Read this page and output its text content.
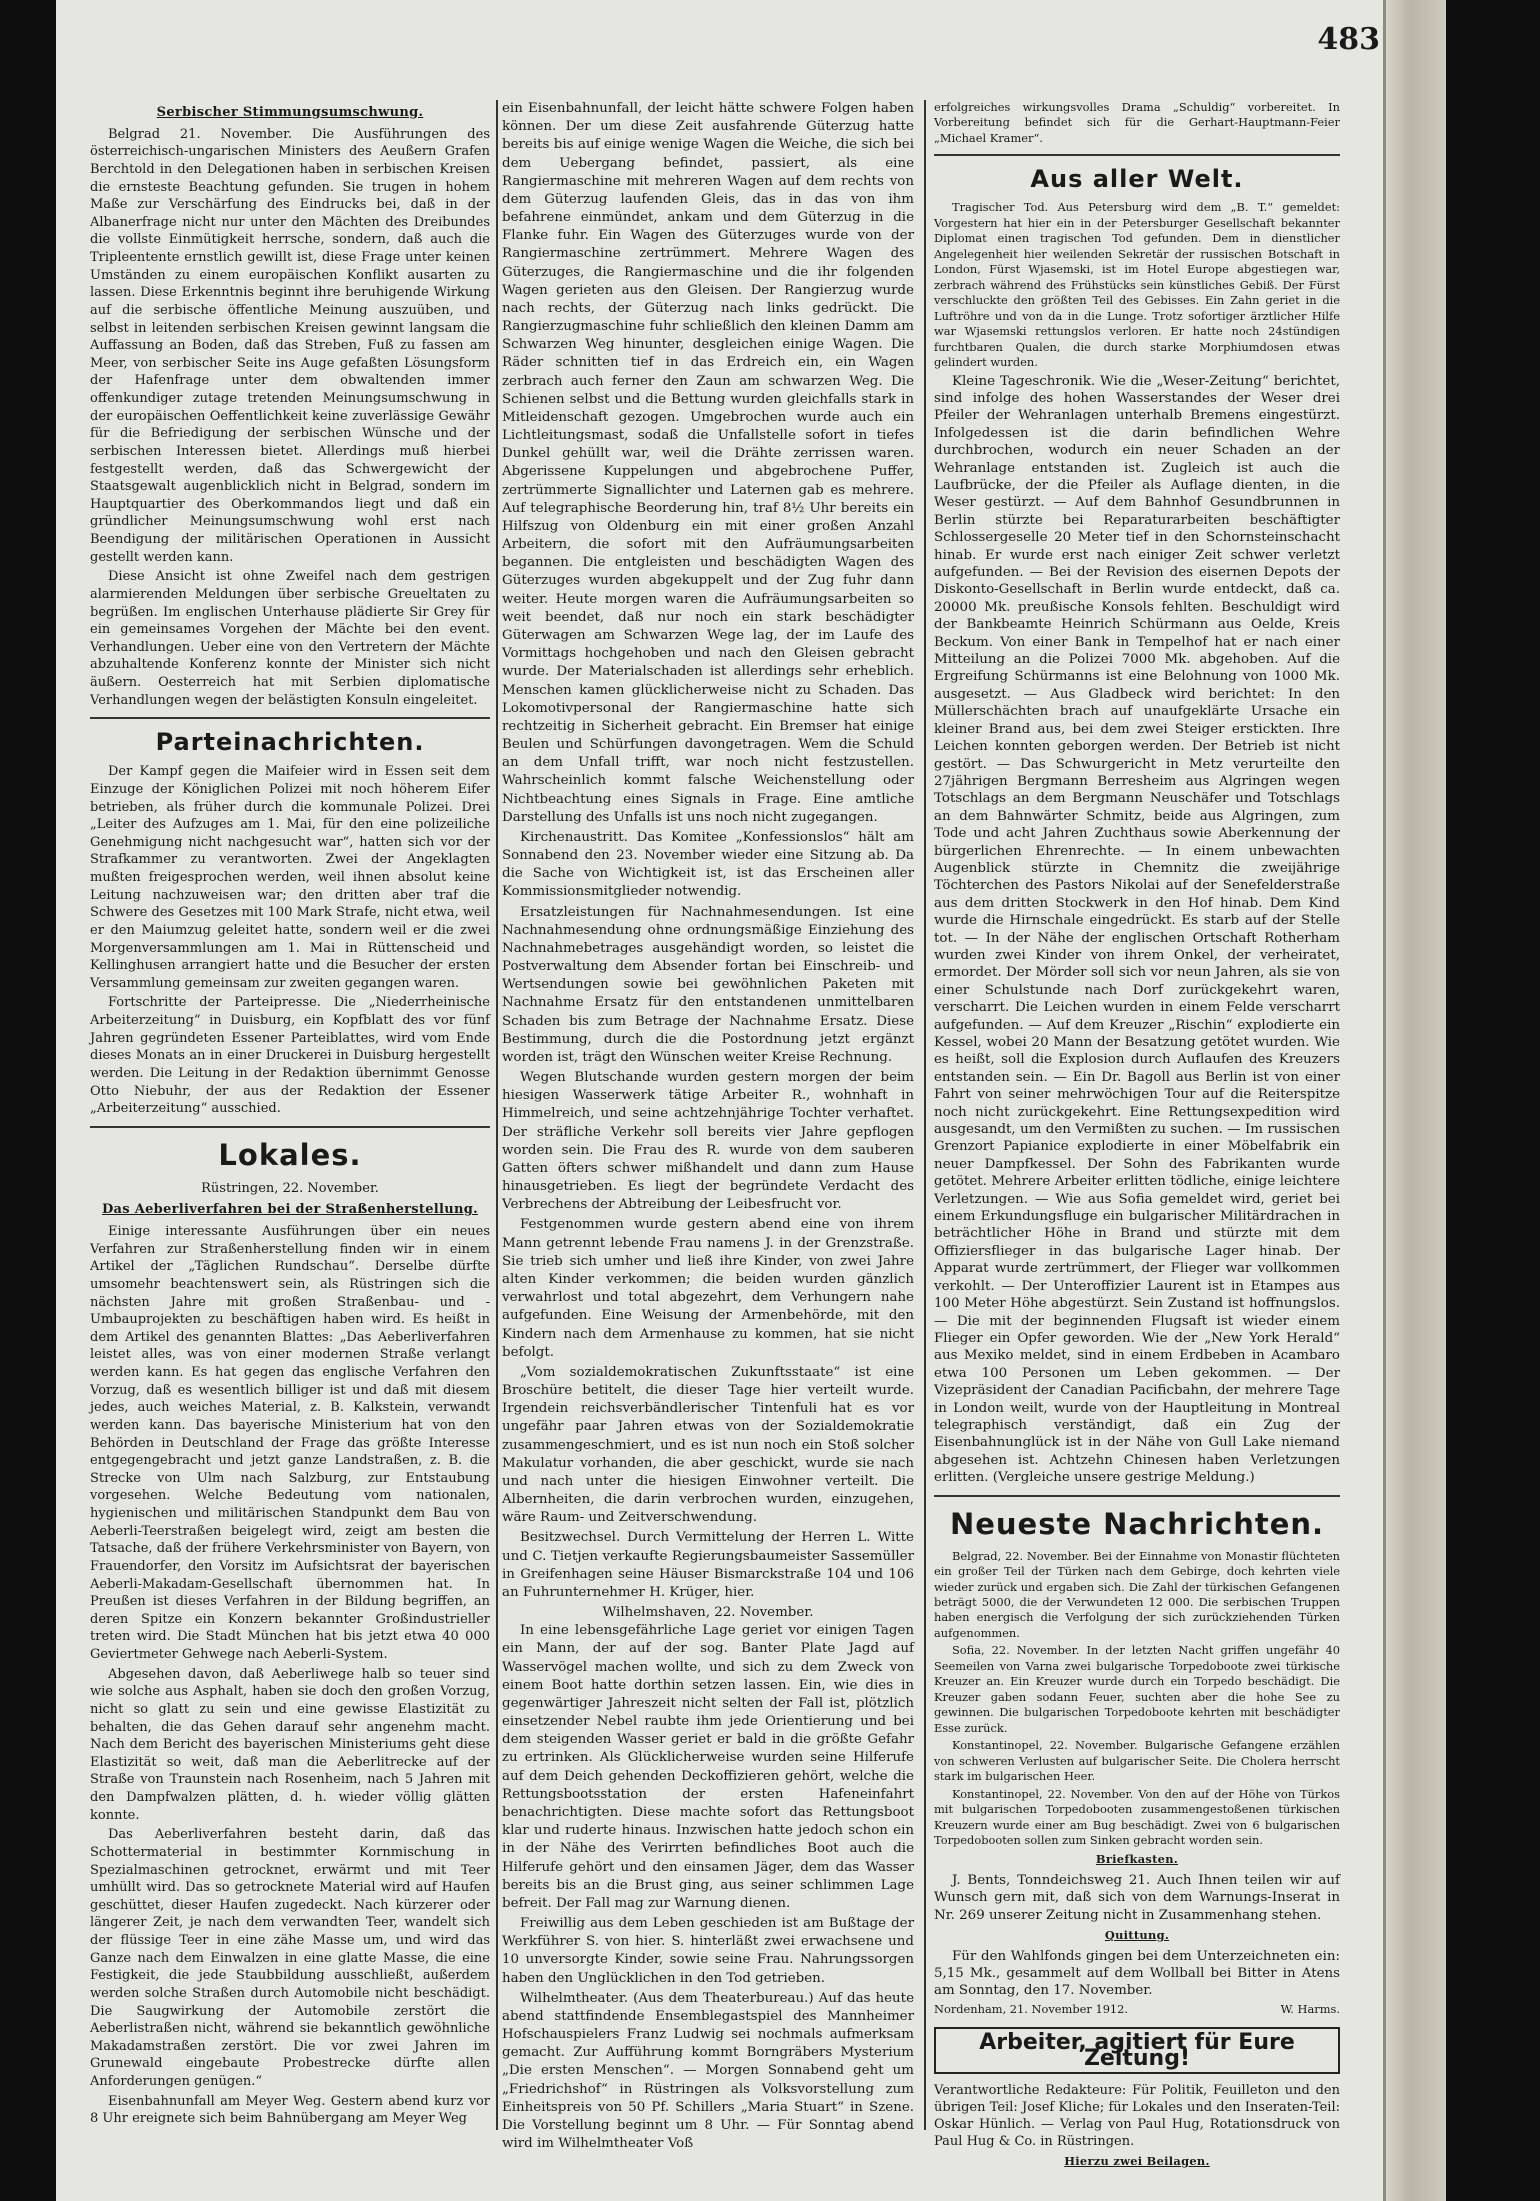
483
Serbischer Stimmungsumschwung.

Belgrad 21. November. Die Ausführungen des österreichisch-ungarischen Ministers des Aeußern Grafen Berchtold in den Delegationen haben in serbischen Kreisen die ernsteste Beachtung gefunden. Sie trugen in hohem Maße zur Verschärfung des Eindrucks bei, daß in der Albanerfrage nicht nur unter den Mächten des Dreibundes die vollste Einmütigkeit herrsche, sondern, daß auch die Tripleentente ernstlich gewillt ist, diese Frage unter keinen Umständen zu einem europäischen Konflikt ausarten zu lassen. Diese Erkenntnis beginnt ihre beruhigende Wirkung auf die serbische öffentliche Meinung auszuüben, und selbst in leitenden serbischen Kreisen gewinnt langsam die Auffassung an Boden, daß das Streben, Fuß zu fassen am Meer, von serbischer Seite ins Auge gefaßten Lösungsform der Hafenfrage unter dem obwaltenden immer offenkundiger zutage tretenden Meinungsumschwung in der europäischen Oeffentlichkeit keine zuverlässige Gewähr für die Befriedigung der serbischen Wünsche und der serbischen Interessen bietet. Allerdings muß hierbei festgestellt werden, daß das Schwergewicht der Staatsgewalt augenblicklich nicht in Belgrad, sondern im Hauptquartier des Oberkommandos liegt und daß ein gründlicher Meinungsumschwung wohl erst nach Beendigung der militärischen Operationen in Aussicht gestellt werden kann.

Diese Ansicht ist ohne Zweifel nach dem gestrigen alarmierenden Meldungen über serbische Greueltaten zu begrüßen. Im englischen Unterhause plädierte Sir Grey für ein gemeinsames Vorgehen der Mächte bei den event. Verhandlungen. Ueber eine von den Vertretern der Mächte abzuhaltende Konferenz konnte der Minister sich nicht äußern. Oesterreich hat mit Serbien diplomatische Verhandlungen wegen der belästigten Konsuln eingeleitet.

Parteinachrichten.

Der Kampf gegen die Maifeier wird in Essen seit dem Einzuge der Königlichen Polizei mit noch höherem Eifer betrieben, als früher durch die kommunale Polizei. Drei „Leiter des Aufzuges am 1. Mai, für den eine polizeiliche Genehmigung nicht nachgesucht war“, hatten sich vor der Strafkammer zu verantworten. Zwei der Angeklagten mußten freigesprochen werden, weil ihnen absolut keine Leitung nachzuweisen war; den dritten aber traf die Schwere des Gesetzes mit 100 Mark Strafe, nicht etwa, weil er den Maiumzug geleitet hatte, sondern weil er die zwei Morgenversammlungen am 1. Mai in Rüttenscheid und Kellinghusen arrangiert hatte und die Besucher der ersten Versammlung gemeinsam zur zweiten gegangen waren.

Fortschritte der Parteipresse. Die „Niederrheinische Arbeiterzeitung“ in Duisburg, ein Kopfblatt des vor fünf Jahren gegründeten Essener Parteiblattes, wird vom Ende dieses Monats an in einer Druckerei in Duisburg hergestellt werden. Die Leitung in der Redaktion übernimmt Genosse Otto Niebuhr, der aus der Redaktion der Essener „Arbeiterzeitung“ ausschied.

Lokales.
Rüstringen, 22. November.
Das Aeberliverfahren bei der Straßenherstellung.

Einige interessante Ausführungen über ein neues Verfahren zur Straßenherstellung finden wir in einem Artikel der „Täglichen Rundschau“. Derselbe dürfte umsomehr beachtenswert sein, als Rüstringen sich die nächsten Jahre mit großen Straßenbau- und -Umbauprojekten zu beschäftigen haben wird. Es heißt in dem Artikel des genannten Blattes: „Das Aeberliverfahren leistet alles, was von einer modernen Straße verlangt werden kann. Es hat gegen das englische Verfahren den Vorzug, daß es wesentlich billiger ist und daß mit diesem jedes, auch weiches Material, z. B. Kalkstein, verwandt werden kann. Das bayerische Ministerium hat von den Behörden in Deutschland der Frage das größte Interesse entgegengebracht und jetzt ganze Landstraßen, z. B. die Strecke von Ulm nach Salzburg, zur Entstaubung vorgesehen. Welche Bedeutung vom nationalen, hygienischen und militärischen Standpunkt dem Bau von Aeberli-Teerstraßen beigelegt wird, zeigt am besten die Tatsache, daß der frühere Verkehrsminister von Bayern, von Frauendorfer, den Vorsitz im Aufsichtsrat der bayerischen Aeberli-Makadam-Gesellschaft übernommen hat. In Preußen ist dieses Verfahren in der Bildung begriffen, an deren Spitze ein Konzern bekannter Großindustrieller treten wird. Die Stadt München hat bis jetzt etwa 40 000 Geviertmeter Gehwege nach Aeberli-System.

Abgesehen davon, daß Aeberliwege halb so teuer sind wie solche aus Asphalt, haben sie doch den großen Vorzug, nicht so glatt zu sein und eine gewisse Elastizität zu behalten, die das Gehen darauf sehr angenehm macht. Nach dem Bericht des bayerischen Ministeriums geht diese Elastizität so weit, daß man die Aeberlitrecke auf der Straße von Traunstein nach Rosenheim, nach 5 Jahren mit den Dampfwalzen plätten, d. h. wieder völlig glätten konnte.

Das Aeberliverfahren besteht darin, daß das Schottermaterial in bestimmter Kornmischung in Spezialmaschinen getrocknet, erwärmt und mit Teer umhüllt wird. Das so getrocknete Material wird auf Haufen geschüttet, dieser Haufen zugedeckt. Nach kürzerer oder längerer Zeit, je nach dem verwandten Teer, wandelt sich der flüssige Teer in eine zähe Masse um, und wird das Ganze nach dem Einwalzen in eine glatte Masse, die eine Festigkeit, die jede Staubbildung ausschließt, außerdem werden solche Straßen durch Automobile nicht beschädigt. Die Saugwirkung der Automobile zerstört die Aeberlistraßen nicht, während sie bekanntlich gewöhnliche Makadamstraßen zerstört. Die vor zwei Jahren im Grunewald eingebaute Probestrecke dürfte allen Anforderungen genügen.“

Eisenbahnunfall am Meyer Weg. Gestern abend kurz vor 8 Uhr ereignete sich beim Bahnübergang am Meyer Weg

ein Eisenbahnunfall, der leicht hätte schwere Folgen haben können. Der um diese Zeit ausfahrende Güterzug hatte bereits bis auf einige wenige Wagen die Weiche, die sich bei dem Uebergang befindet, passiert, als eine Rangiermaschine mit mehreren Wagen auf dem rechts von dem Güterzug laufenden Gleis, das in das von ihm befahrene einmündet, ankam und dem Güterzug in die Flanke fuhr. Ein Wagen des Güterzuges wurde von der Rangiermaschine zertrümmert. Mehrere Wagen des Güterzuges, die Rangiermaschine und die ihr folgenden Wagen gerieten aus den Gleisen. Der Rangierzug wurde nach rechts, der Güterzug nach links gedrückt. Die Rangierzugmaschine fuhr schließlich den kleinen Damm am Schwarzen Weg hinunter, desgleichen einige Wagen. Die Räder schnitten tief in das Erdreich ein, ein Wagen zerbrach auch ferner den Zaun am schwarzen Weg. Die Schienen selbst und die Bettung wurden gleichfalls stark in Mitleidenschaft gezogen. Umgebrochen wurde auch ein Lichtleitungsmast, sodaß die Unfallstelle sofort in tiefes Dunkel gehüllt war, weil die Drähte zerrissen waren. Abgerissene Kuppelungen und abgebrochene Puffer, zertrümmerte Signallichter und Laternen gab es mehrere. Auf telegraphische Beorderung hin, traf 8½ Uhr bereits ein Hilfszug von Oldenburg ein mit einer großen Anzahl Arbeitern, die sofort mit den Aufräumungsarbeiten begannen. Die entgleisten und beschädigten Wagen des Güterzuges wurden abgekuppelt und der Zug fuhr dann weiter. Heute morgen waren die Aufräumungsarbeiten so weit beendet, daß nur noch ein stark beschädigter Güterwagen am Schwarzen Wege lag, der im Laufe des Vormittags hochgehoben und nach den Gleisen gebracht wurde. Der Materialschaden ist allerdings sehr erheblich. Menschen kamen glücklicherweise nicht zu Schaden. Das Lokomotivpersonal der Rangiermaschine hatte sich rechtzeitig in Sicherheit gebracht. Ein Bremser hat einige Beulen und Schürfungen davongetragen. Wem die Schuld an dem Unfall trifft, war noch nicht festzustellen. Wahrscheinlich kommt falsche Weichenstellung oder Nichtbeachtung eines Signals in Frage. Eine amtliche Darstellung des Unfalls ist uns noch nicht zugegangen.

Kirchenaustritt. Das Komitee „Konfessionslos“ hält am Sonnabend den 23. November wieder eine Sitzung ab. Da die Sache von Wichtigkeit ist, ist das Erscheinen aller Kommissionsmitglieder notwendig.

Ersatzleistungen für Nachnahmesendungen. Ist eine Nachnahmesendung ohne ordnungsmäßige Einziehung des Nachnahmebetrages ausgehändigt worden, so leistet die Postverwaltung dem Absender fortan bei Einschreib- und Wertsendungen sowie bei gewöhnlichen Paketen mit Nachnahme Ersatz für den entstandenen unmittelbaren Schaden bis zum Betrage der Nachnahme Ersatz. Diese Bestimmung, durch die die Postordnung jetzt ergänzt worden ist, trägt den Wünschen weiter Kreise Rechnung.

Wegen Blutschande wurden gestern morgen der beim hiesigen Wasserwerk tätige Arbeiter R., wohnhaft in Himmelreich, und seine achtzehnjährige Tochter verhaftet. Der sträfliche Verkehr soll bereits vier Jahre gepflogen worden sein. Die Frau des R. wurde von dem sauberen Gatten öfters schwer mißhandelt und dann zum Hause hinausgetrieben. Es liegt der begründete Verdacht des Verbrechens der Abtreibung der Leibesfrucht vor.

Festgenommen wurde gestern abend eine von ihrem Mann getrennt lebende Frau namens J. in der Grenzstraße. Sie trieb sich umher und ließ ihre Kinder, von zwei Jahre alten Kinder verkommen; die beiden wurden gänzlich verwahrlost und total abgezehrt, dem Verhungern nahe aufgefunden. Eine Weisung der Armenbehörde, mit den Kindern nach dem Armenhause zu kommen, hat sie nicht befolgt.

„Vom sozialdemokratischen Zukunftsstaate“ ist eine Broschüre betitelt, die dieser Tage hier verteilt wurde. Irgendein reichsverbändlerischer Tintenfuli hat es vor ungefähr paar Jahren etwas von der Sozialdemokratie zusammengeschmiert, und es ist nun noch ein Stoß solcher Makulatur vorhanden, die aber geschickt, wurde sie nach und nach unter die hiesigen Einwohner verteilt. Die Albernheiten, die darin verbrochen wurden, einzugehen, wäre Raum- und Zeitverschwendung.

Besitzwechsel. Durch Vermittelung der Herren L. Witte und C. Tietjen verkaufte Regierungsbaumeister Sassemüller in Greifenhagen seine Häuser Bismarckstraße 104 und 106 an Fuhrunternehmer H. Krüger, hier.

Wilhelmshaven, 22. November.

In eine lebensgefährliche Lage geriet vor einigen Tagen ein Mann, der auf der sog. Banter Plate Jagd auf Wasservögel machen wollte, und sich zu dem Zweck von einem Boot hatte dorthin setzen lassen. Ein, wie dies in gegenwärtiger Jahreszeit nicht selten der Fall ist, plötzlich einsetzender Nebel raubte ihm jede Orientierung und bei dem steigenden Wasser geriet er bald in die größte Gefahr zu ertrinken. Als Glücklicherweise wurden seine Hilferufe auf dem Deich gehenden Deckoffizieren gehört, welche die Rettungsbootsstation der ersten Hafeneinfahrt benachrichtigten. Diese machte sofort das Rettungsboot klar und ruderte hinaus. Inzwischen hatte jedoch schon ein in der Nähe des Verirrten befindliches Boot auch die Hilferufe gehört und den einsamen Jäger, dem das Wasser bereits bis an die Brust ging, aus seiner schlimmen Lage befreit. Der Fall mag zur Warnung dienen.

Freiwillig aus dem Leben geschieden ist am Bußtage der Werkführer S. von hier. S. hinterläßt zwei erwachsene und 10 unversorgte Kinder, sowie seine Frau. Nahrungssorgen haben den Unglücklichen in den Tod getrieben.

Wilhelmtheater. (Aus dem Theaterbureau.) Auf das heute abend stattfindende Ensemblegastspiel des Mannheimer Hofschauspielers Franz Ludwig sei nochmals aufmerksam gemacht. Zur Aufführung kommt Borngräbers Mysterium „Die ersten Menschen“. — Morgen Sonnabend geht um „Friedrichshof“ in Rüstringen als Volksvorstellung zum Einheitspreis von 50 Pf. Schillers „Maria Stuart“ in Szene. Die Vorstellung beginnt um 8 Uhr. — Für Sonntag abend wird im Wilhelmtheater Voß

erfolgreiches wirkungsvolles Drama „Schuldig“ vorbereitet. In Vorbereitung befindet sich für die Gerhart-Hauptmann-Feier „Michael Kramer“.

Aus aller Welt.

Tragischer Tod. Aus Petersburg wird dem „B. T.“ gemeldet: Vorgestern hat hier ein in der Petersburger Gesellschaft bekannter Diplomat einen tragischen Tod gefunden. Dem in dienstlicher Angelegenheit hier weilenden Sekretär der russischen Botschaft in London, Fürst Wjasemski, ist im Hotel Europe abgestiegen war, zerbrach während des Frühstücks sein künstliches Gebiß. Der Fürst verschluckte den größten Teil des Gebisses. Ein Zahn geriet in die Luftröhre und von da in die Lunge. Trotz sofortiger ärztlicher Hilfe war Wjasemski rettungslos verloren. Er hatte noch 24stündigen furchtbaren Qualen, die durch starke Morphiumdosen etwas gelindert wurden.

Kleine Tageschronik. Wie die „Weser-Zeitung“ berichtet, sind infolge des hohen Wasserstandes der Weser drei Pfeiler der Wehranlagen unterhalb Bremens eingestürzt. Infolgedessen ist die darin befindlichen Wehre durchbrochen, wodurch ein neuer Schaden an der Wehranlage entstanden ist. Zugleich ist auch die Laufbrücke, der die Pfeiler als Auflage dienten, in die Weser gestürzt. — Auf dem Bahnhof Gesundbrunnen in Berlin stürzte bei Reparaturarbeiten beschäftigter Schlossergeselle 20 Meter tief in den Schornsteinschacht hinab. Er wurde erst nach einiger Zeit schwer verletzt aufgefunden. — Bei der Revision des eisernen Depots der Diskonto-Gesellschaft in Berlin wurde entdeckt, daß ca. 20000 Mk. preußische Konsols fehlten. Beschuldigt wird der Bankbeamte Heinrich Schürmann aus Oelde, Kreis Beckum. Von einer Bank in Tempelhof hat er nach einer Mitteilung an die Polizei 7000 Mk. abgehoben. Auf die Ergreifung Schürmanns ist eine Belohnung von 1000 Mk. ausgesetzt. — Aus Gladbeck wird berichtet: In den Müllerschächten brach auf unaufgeklärte Ursache ein kleiner Brand aus, bei dem zwei Steiger erstickten. Ihre Leichen konnten geborgen werden. Der Betrieb ist nicht gestört. — Das Schwurgericht in Metz verurteilte den 27jährigen Bergmann Berresheim aus Algringen wegen Totschlags an dem Bergmann Neuschäfer und Totschlags an dem Bahnwärter Schmitz, beide aus Algringen, zum Tode und acht Jahren Zuchthaus sowie Aberkennung der bürgerlichen Ehrenrechte. — In einem unbewachten Augenblick stürzte in Chemnitz die zweijährige Töchterchen des Pastors Nikolai auf der Senefelderstraße aus dem dritten Stockwerk in den Hof hinab. Dem Kind wurde die Hirnschale eingedrückt. Es starb auf der Stelle tot. — In der Nähe der englischen Ortschaft Rotherham wurden zwei Kinder von ihrem Onkel, der verheiratet, ermordet. Der Mörder soll sich vor neun Jahren, als sie von einer Schulstunde nach Dorf zurückgekehrt waren, verscharrt. Die Leichen wurden in einem Felde verscharrt aufgefunden. — Auf dem Kreuzer „Rischin“ explodierte ein Kessel, wobei 20 Mann der Besatzung getötet wurden. Wie es heißt, soll die Explosion durch Auflaufen des Kreuzers entstanden sein. — Ein Dr. Bagoll aus Berlin ist von einer Fahrt von seiner mehrwöchigen Tour auf die Reiterspitze noch nicht zurückgekehrt. Eine Rettungsexpedition wird ausgesandt, um den Vermißten zu suchen. — Im russischen Grenzort Papianice explodierte in einer Möbelfabrik ein neuer Dampfkessel. Der Sohn des Fabrikanten wurde getötet. Mehrere Arbeiter erlitten tödliche, einige leichtere Verletzungen. — Wie aus Sofia gemeldet wird, geriet bei einem Erkundungsfluge ein bulgarischer Militärdrachen in beträchtlicher Höhe in Brand und stürzte mit dem Offiziersflieger in das bulgarische Lager hinab. Der Apparat wurde zertrümmert, der Flieger war vollkommen verkohlt. — Der Unteroffizier Laurent ist in Etampes aus 100 Meter Höhe abgestürzt. Sein Zustand ist hoffnungslos. — Die mit der beginnenden Flugsaft ist wieder einem Flieger ein Opfer geworden. Wie der „New York Herald“ aus Mexiko meldet, sind in einem Erdbeben in Acambaro etwa 100 Personen um Leben gekommen. — Der Vizepräsident der Canadian Pacificbahn, der mehrere Tage in London weilt, wurde von der Hauptleitung in Montreal telegraphisch verständigt, daß ein Zug der Eisenbahnunglück ist in der Nähe von Gull Lake niemand abgesehen ist. Achtzehn Chinesen haben Verletzungen erlitten. (Vergleiche unsere gestrige Meldung.)

Neueste Nachrichten.

Belgrad, 22. November. Bei der Einnahme von Monastir flüchteten ein großer Teil der Türken nach dem Gebirge, doch kehrten viele wieder zurück und ergaben sich. Die Zahl der türkischen Gefangenen beträgt 5000, die der Verwundeten 12 000. Die serbischen Truppen haben energisch die Verfolgung der sich zurückziehenden Türken aufgenommen.

Sofia, 22. November. In der letzten Nacht griffen ungefähr 40 Seemeilen von Varna zwei bulgarische Torpedoboote zwei türkische Kreuzer an. Ein Kreuzer wurde durch ein Torpedo beschädigt. Die Kreuzer gaben sodann Feuer, suchten aber die hohe See zu gewinnen. Die bulgarischen Torpedoboote kehrten mit beschädigter Esse zurück.

Konstantinopel, 22. November. Bulgarische Gefangene erzählen von schweren Verlusten auf bulgarischer Seite. Die Cholera herrscht stark im bulgarischen Heer.

Konstantinopel, 22. November. Von den auf der Höhe von Türkos mit bulgarischen Torpedobooten zusammengestoßenen türkischen Kreuzern wurde einer am Bug beschädigt. Zwei von 6 bulgarischen Torpedobooten sollen zum Sinken gebracht worden sein.

Briefkasten.

J. Bents, Tonndeichsweg 21. Auch Ihnen teilen wir auf Wunsch gern mit, daß sich von dem Warnungs-Inserat in Nr. 269 unserer Zeitung nicht in Zusammenhang stehen.

Quittung.

Für den Wahlfonds gingen bei dem Unterzeichneten ein: 5,15 Mk., gesammelt auf dem Wollball bei Bitter in Atens am Sonntag, den 17. November.

Nordenham, 21. November 1912.	W. Harms.
Arbeiter, agitiert für Eure Zeitung!
Verantwortliche Redakteure: Für Politik, Feuilleton und den übrigen Teil: Josef Kliche; für Lokales und den Inseraten-Teil: Oskar Hünlich. — Verlag von Paul Hug, Rotationsdruck von Paul Hug & Co. in Rüstringen.
Hierzu zwei Beilagen.
